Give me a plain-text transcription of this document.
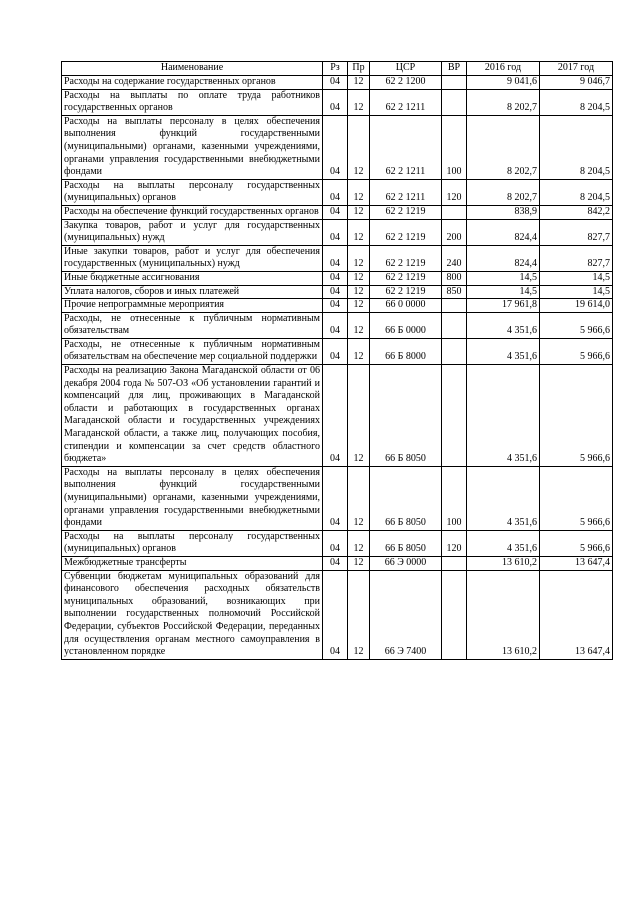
Наименование	Рз	Пр	ЦСР	ВР	2016 год	2017 год
Расходы на содержание государственных органов	04	12	62 2 1200		9 041,6	9 046,7
Расходы на выплаты по оплате труда работников государственных органов	04	12	62 2 1211		8 202,7	8 204,5
Расходы на выплаты персоналу в целях обеспечения выполнения функций государственными (муниципальными) органами, казенными учреждениями, органами управления государственными внебюджетными фондами	04	12	62 2 1211	100	8 202,7	8 204,5
Расходы на выплаты персоналу государственных (муниципальных) органов	04	12	62 2 1211	120	8 202,7	8 204,5
Расходы на обеспечение функций государственных органов	04	12	62 2 1219		838,9	842,2
Закупка товаров, работ и услуг для государственных (муниципальных) нужд	04	12	62 2 1219	200	824,4	827,7
Иные закупки товаров, работ и услуг для обеспечения государственных (муниципальных) нужд	04	12	62 2 1219	240	824,4	827,7
Иные бюджетные ассигнования	04	12	62 2 1219	800	14,5	14,5
Уплата налогов, сборов и иных платежей	04	12	62 2 1219	850	14,5	14,5
Прочие непрограммные мероприятия	04	12	66 0 0000		17 961,8	19 614,0
Расходы, не отнесенные к публичным нормативным обязательствам	04	12	66 Б 0000		4 351,6	5 966,6
Расходы, не отнесенные к публичным нормативным обязательствам на обеспечение мер социальной поддержки	04	12	66 Б 8000		4 351,6	5 966,6
Расходы на реализацию Закона Магаданской области от 06 декабря 2004 года № 507-ОЗ «Об установлении гарантий и компенсаций для лиц, проживающих в Магаданской области и работающих в государственных органах Магаданской области и государственных учреждениях Магаданской области, а также лиц, получающих пособия, стипендии и компенсации за счет средств областного бюджета»	04	12	66 Б 8050		4 351,6	5 966,6
Расходы на выплаты персоналу в целях обеспечения выполнения функций государственными (муниципальными) органами, казенными учреждениями, органами управления государственными внебюджетными фондами	04	12	66 Б 8050	100	4 351,6	5 966,6
Расходы на выплаты персоналу государственных (муниципальных) органов	04	12	66 Б 8050	120	4 351,6	5 966,6
Межбюджетные трансферты	04	12	66 Э 0000		13 610,2	13 647,4
Субвенции бюджетам муниципальных образований для финансового обеспечения расходных обязательств муниципальных образований, возникающих при выполнении государственных полномочий Российской Федерации, субъектов Российской Федерации, переданных для осуществления органам местного самоуправления в установленном порядке	04	12	66 Э 7400		13 610,2	13 647,4
